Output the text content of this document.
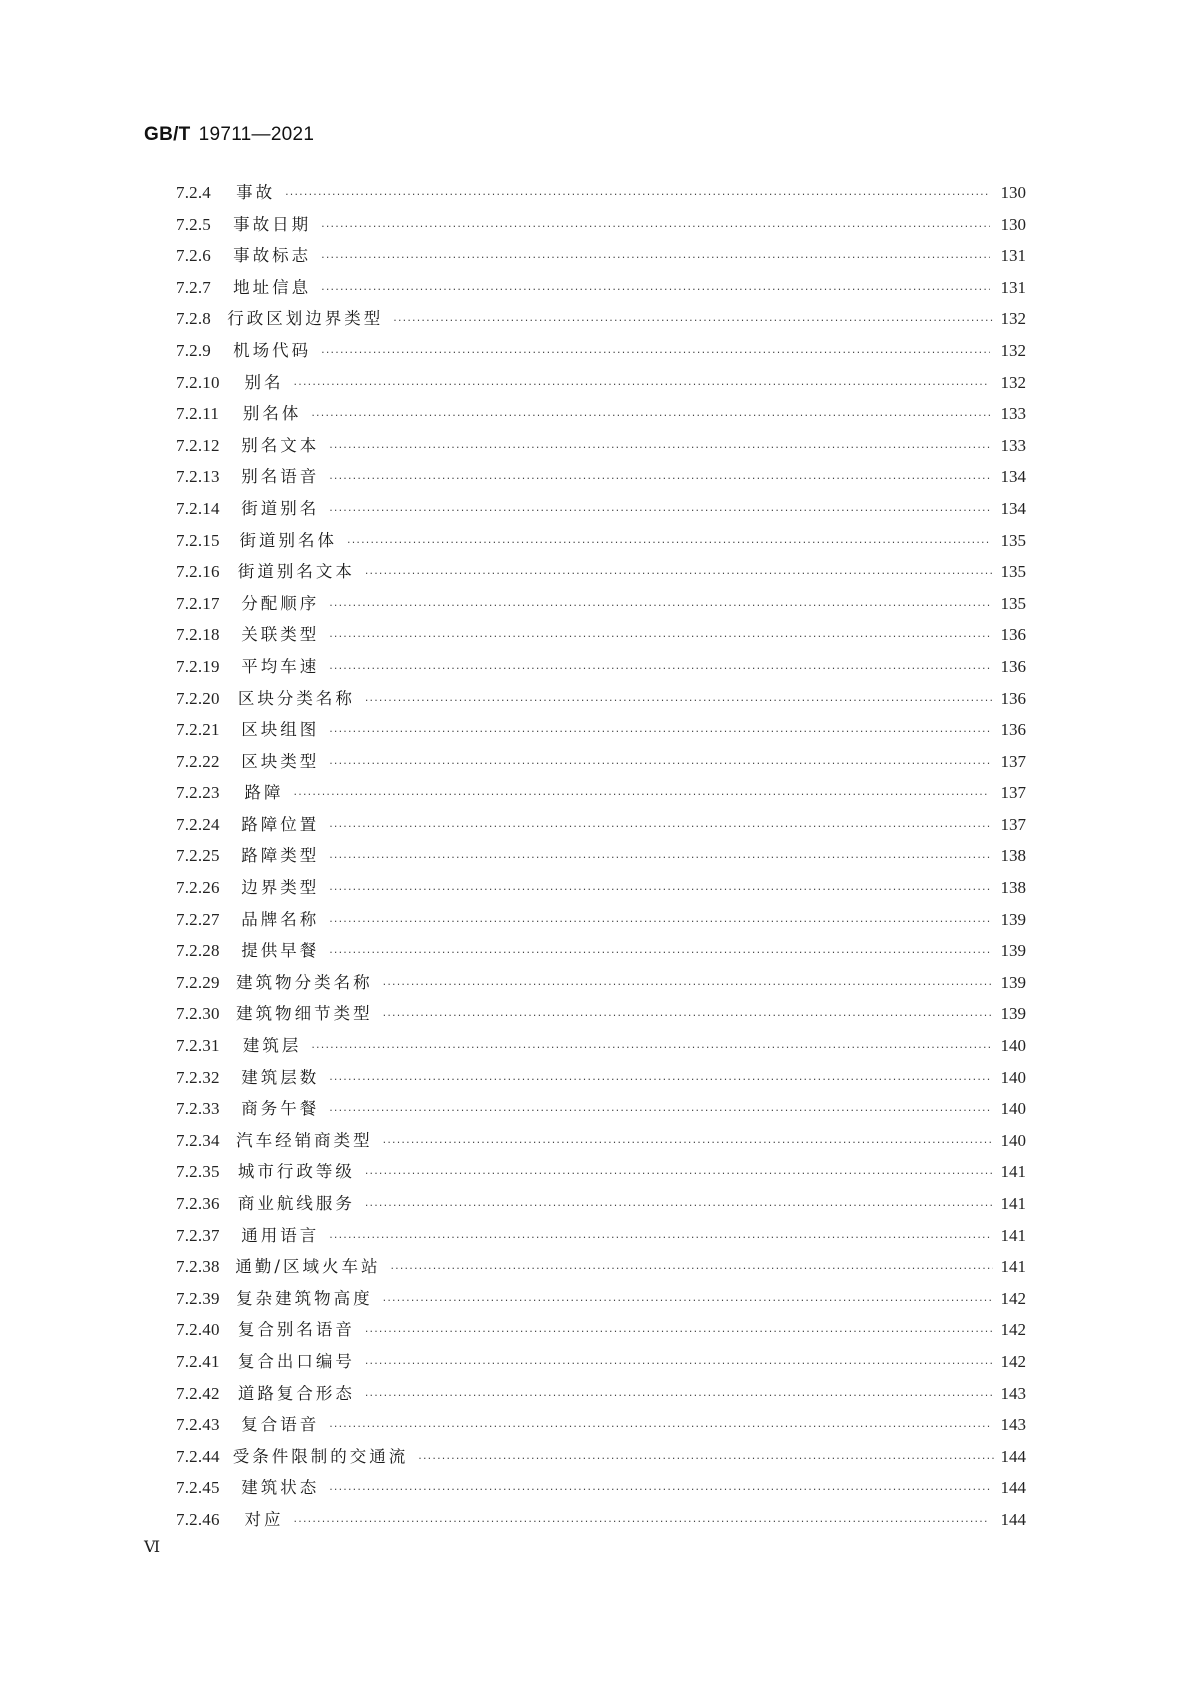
GB/T 19711—2021
7.2.4	事故 ·····	130
7.2.5	事故日期 ·····	130
7.2.6	事故标志 ·····	131
7.2.7	地址信息 ·····	131
7.2.8 行政区划边界类型 ·····	132
7.2.9	机场代码 ·····	132
7.2.10	别名 ·····	132
7.2.11	别名体 ·····	133
7.2.12	别名文本 ·····	133
7.2.13	别名语音 ·····	134
7.2.14	街道别名 ·····	134
7.2.15	街道别名体 ·····	135
7.2.16	街道别名文本 ·····	135
7.2.17	分配顺序 ·····	135
7.2.18	关联类型 ·····	136
7.2.19	平均车速 ·····	136
7.2.20	区块分类名称 ·····	136
7.2.21	区块组图 ·····	136
7.2.22	区块类型 ·····	137
7.2.23	路障 ·····	137
7.2.24	路障位置 ·····	137
7.2.25	路障类型 ·····	138
7.2.26	边界类型 ·····	138
7.2.27	品牌名称 ·····	139
7.2.28	提供早餐 ·····	139
7.2.29 建筑物分类名称 ·····	139
7.2.30 建筑物细节类型 ·····	139
7.2.31	建筑层 ·····	140
7.2.32	建筑层数 ·····	140
7.2.33	商务午餐 ·····	140
7.2.34 汽车经销商类型 ·····	140
7.2.35	城市行政等级 ·····	141
7.2.36	商业航线服务 ·····	141
7.2.37	通用语言 ·····	141
7.2.38 通勤/区域火车站 ·····	141
7.2.39 复杂建筑物高度 ·····	142
7.2.40	复合别名语音 ·····	142
7.2.41	复合出口编号 ·····	142
7.2.42	道路复合形态 ·····	143
7.2.43	复合语音 ·····	143
7.2.44 受条件限制的交通流 ·····	144
7.2.45	建筑状态 ·····	144
7.2.46	对应 ·····	144
Ⅵ
